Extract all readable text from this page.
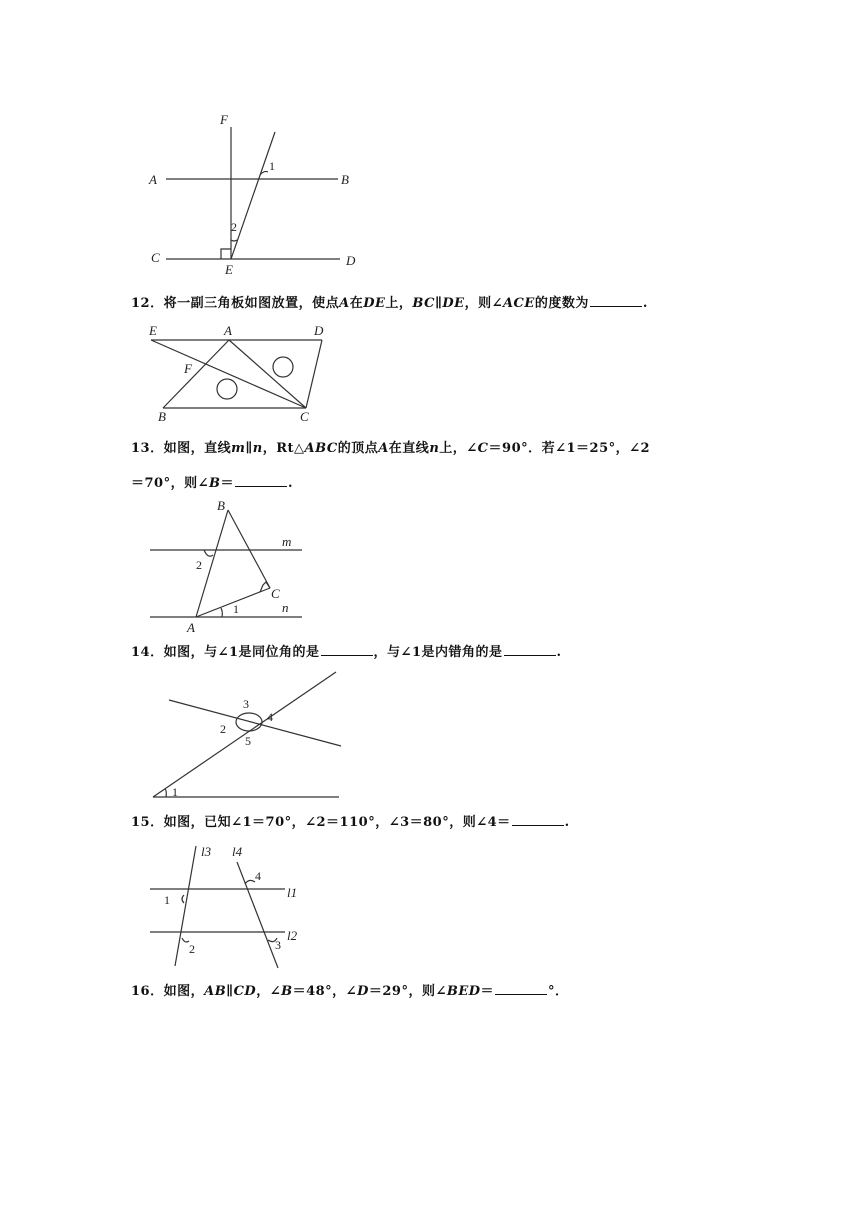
F
A	B
C	D
E
1
2
E	A	D
F
B	C
B
m
2
C
1	n
A
3
4
2
5
1
l3 l4
4
l1
1
l2
2	3
12．将一副三角板如图放置，使点A在DE上，BC∥DE，则∠ACE的度数为	.
13．如图，直线m∥n，Rt△ABC的顶点A在直线n上，∠C＝90°．若∠1＝25°，∠2
＝70°，则∠B＝	.
14．如图，与∠1是同位角的是	，与∠1是内错角的是	.
15．如图，已知∠1＝70°，∠2＝110°，∠3＝80°，则∠4＝	.
16．如图，AB∥CD，∠B＝48°，∠D＝29°，则∠BED＝	°．
